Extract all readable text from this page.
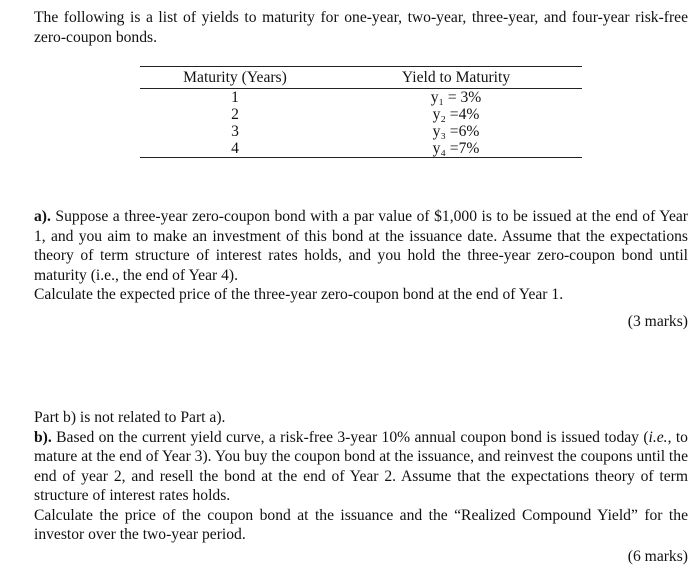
The following is a list of yields to maturity for one-year, two-year, three-year, and four-year risk-free zero-coupon bonds.

Maturity (Years)	Yield to Maturity
1	y₁ = 3%
2	y₂ =4%
3	y₃ =6%
4	y₄ =7%

a). Suppose a three-year zero-coupon bond with a par value of $1,000 is to be issued at the end of Year 1, and you aim to make an investment of this bond at the issuance date. Assume that the expectations theory of term structure of interest rates holds, and you hold the three-year zero-coupon bond until maturity (i.e., the end of Year 4).

Calculate the expected price of the three-year zero-coupon bond at the end of Year 1.

(3 marks)

Part b) is not related to Part a).

b). Based on the current yield curve, a risk-free 3-year 10% annual coupon bond is issued today (i.e., to mature at the end of Year 3). You buy the coupon bond at the issuance, and reinvest the coupons until the end of year 2, and resell the bond at the end of Year 2. Assume that the expectations theory of term structure of interest rates holds.

Calculate the price of the coupon bond at the issuance and the “Realized Compound Yield” for the investor over the two-year period.

(6 marks)
